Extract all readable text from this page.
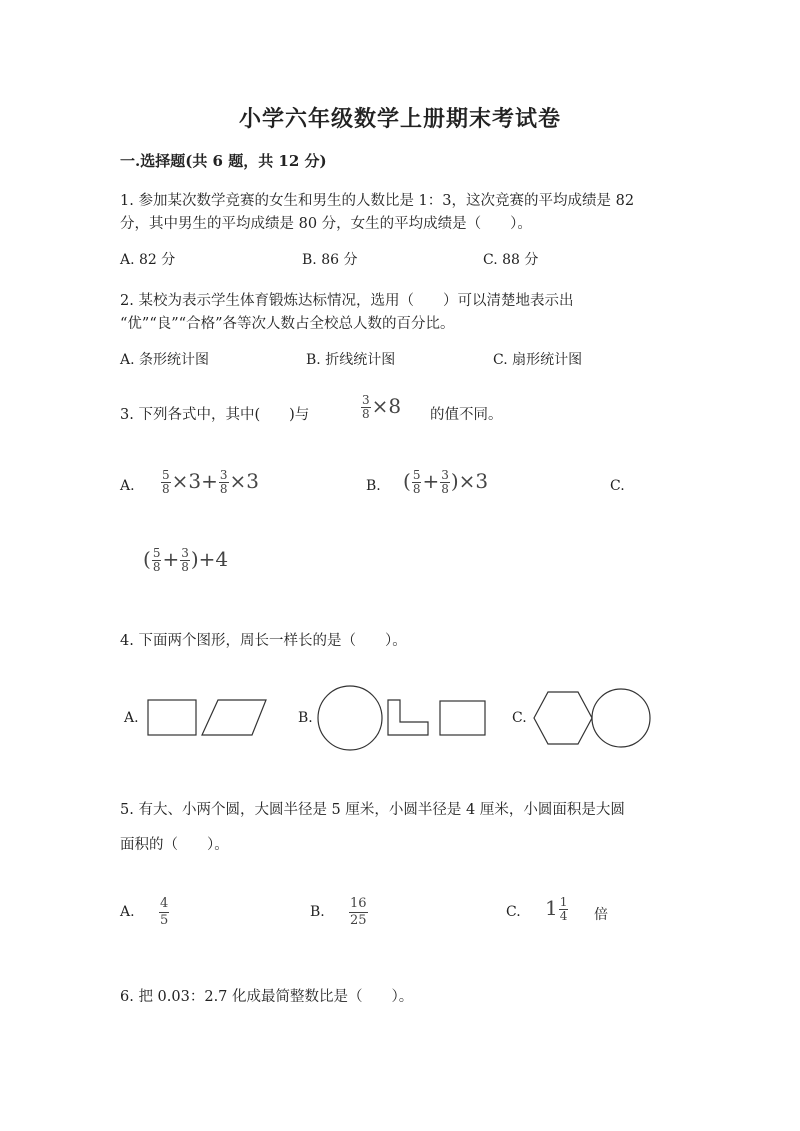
小学六年级数学上册期末考试卷
一.选择题(共 6 题，共 12 分)
1. 参加某次数学竞赛的女生和男生的人数比是 1：3，这次竞赛的平均成绩是 82
分，其中男生的平均成绩是 80 分，女生的平均成绩是（　　）。
A. 82 分	B. 86 分	C. 88 分
2. 某校为表示学生体育锻炼达标情况，选用（　　）可以清楚地表示出
“优”“良”“合格”各等次人数占全校总人数的百分比。
A. 条形统计图	B. 折线统计图	C. 扇形统计图
3. 下列各式中，其中(　　)与	$\frac{3}{8} \times 8$ 的值不同。
A. $\frac{5}{8} \times 3+ \frac{3}{8} \times 3$	B. ( $\frac{5}{8} + \frac{3}{8} )\times 3$	C.
( $\frac{5}{8} + \frac{3}{8} )+4$
4. 下面两个图形，周长一样长的是（　　）。
A.	B.	C.
5. 有大、小两个圆，大圆半径是 5 厘米，小圆半径是 4 厘米，小圆面积是大圆
面积的（　　）。
A. $\frac{4}{5}$	B. $\frac{16}{25}$	C. $1 \frac{1}{4}$ 倍
6. 把 0.03：2.7 化成最简整数比是（　　）。
